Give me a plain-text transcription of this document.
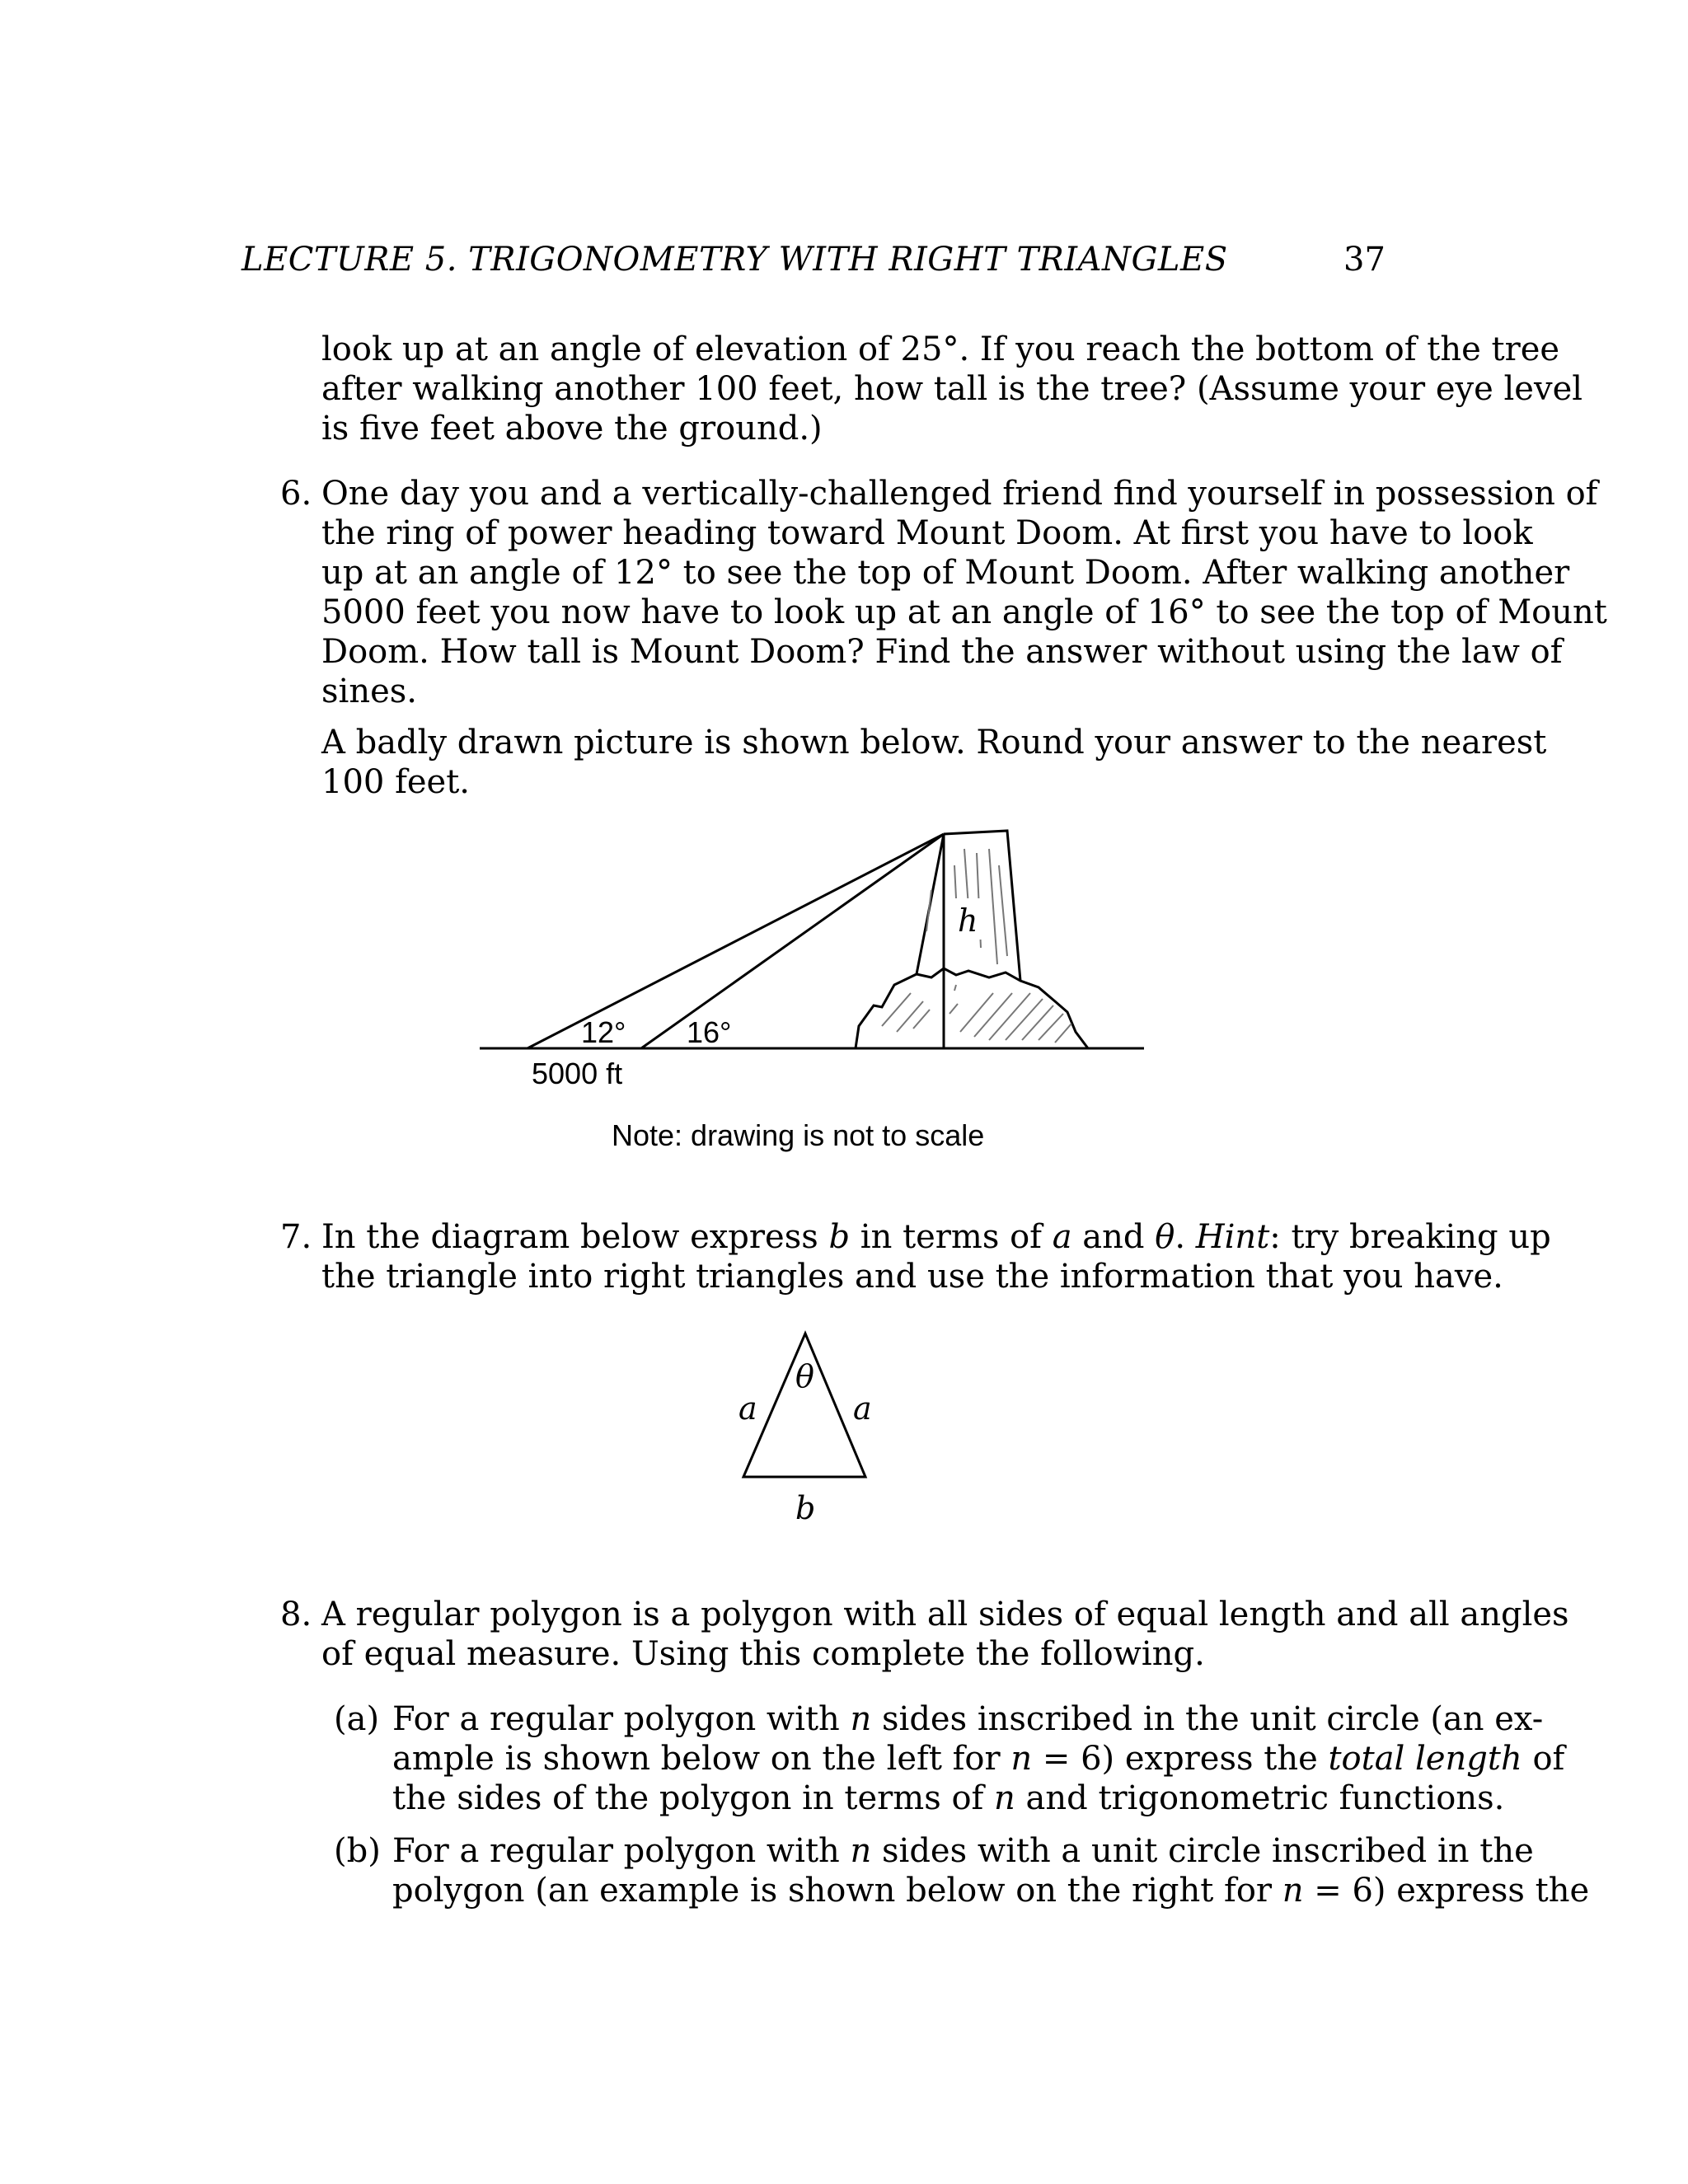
LECTURE 5. TRIGONOMETRY WITH RIGHT TRIANGLES	37
look up at an angle of elevation of 25°. If you reach the bottom of the tree
after walking another 100 feet, how tall is the tree? (Assume your eye level
is five feet above the ground.)
6. One day you and a vertically-challenged friend find yourself in possession of
the ring of power heading toward Mount Doom. At first you have to look
up at an angle of 12° to see the top of Mount Doom. After walking another
5000 feet you now have to look up at an angle of 16° to see the top of Mount
Doom. How tall is Mount Doom? Find the answer without using the law of
sines.
A badly drawn picture is shown below. Round your answer to the nearest
100 feet.
h
12° 16°
5000 ft
Note: drawing is not to scale
7. In the diagram below express b in terms of a and θ. Hint: try breaking up
the triangle into right triangles and use the information that you have.
θ
a	a
b
8. A regular polygon is a polygon with all sides of equal length and all angles
of equal measure. Using this complete the following.
(a) For a regular polygon with n sides inscribed in the unit circle (an ex-
ample is shown below on the left for n = 6) express the total length of
the sides of the polygon in terms of n and trigonometric functions.
(b) For a regular polygon with n sides with a unit circle inscribed in the
polygon (an example is shown below on the right for n = 6) express the
